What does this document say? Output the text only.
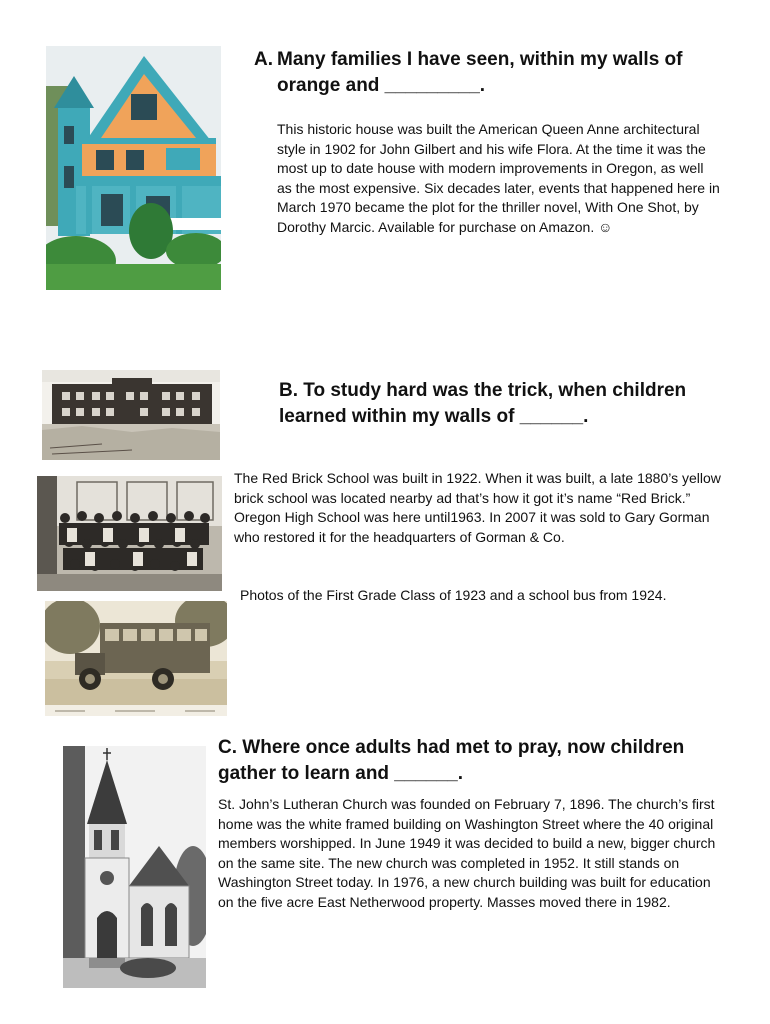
A. Many families I have seen, within my walls of
orange and _________.

This historic house was built the American Queen Anne architectural style in 1902 for John Gilbert and his wife Flora. At the time it was the most up to date house with modern improvements in Oregon, as well as the most expensive. Six decades later, events that happened here in March 1970 became the plot for the thriller novel, With One Shot, by Dorothy Marcic. Available for purchase on Amazon. ☺

B. To study hard was the trick, when children learned within my walls of ______.

The Red Brick School was built in 1922. When it was built, a late 1880’s yellow brick school was located nearby ad that’s how it got it’s name “Red Brick.” Oregon High School was here until1963. In 2007 it was sold to Gary Gorman who restored it for the headquarters of Gorman & Co.

Photos of the First Grade Class of 1923 and a school bus from 1924.
C. Where once adults had met to pray, now children gather to learn and ______.

St. John’s Lutheran Church was founded on February 7, 1896. The church’s first home was the white framed building on Washington Street where the 40 original members worshipped. In June 1949 it was decided to build a new, bigger church on the same site. The new church was completed in 1952. It still stands on Washington Street today. In 1976, a new church building was built for education on the five acre East Netherwood property. Masses moved there in 1982.
